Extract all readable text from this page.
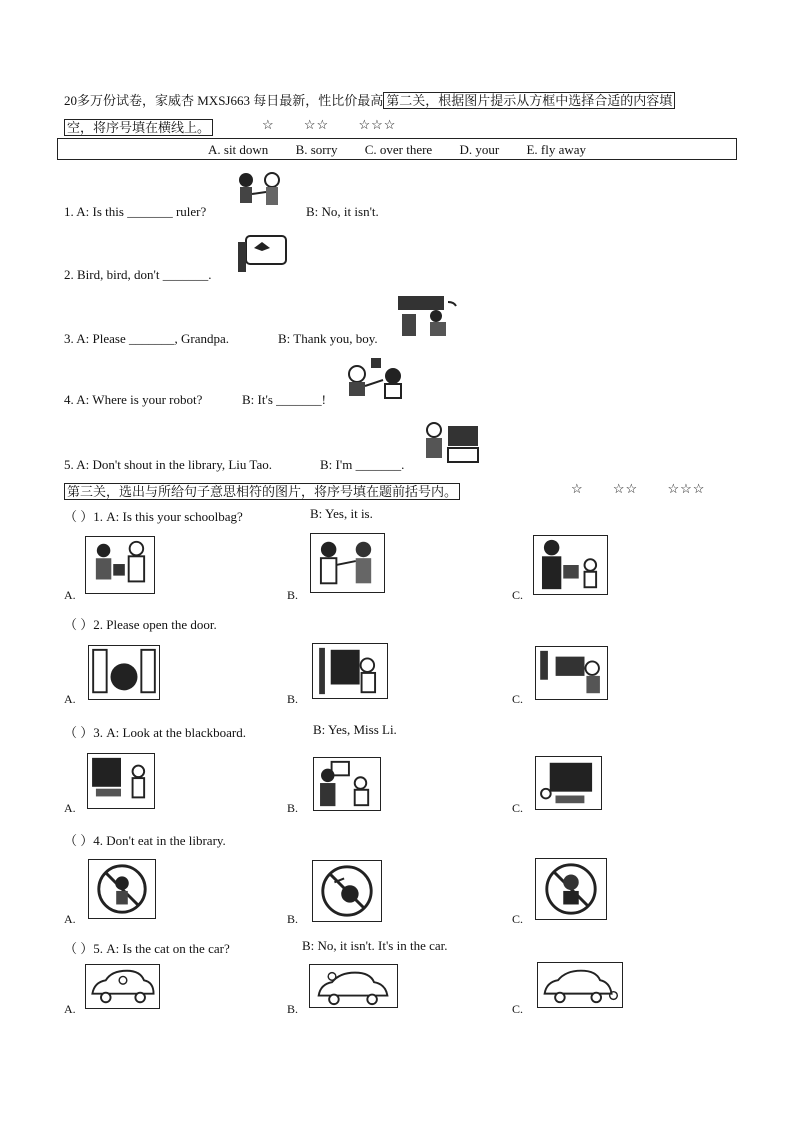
20多万份试卷，家威杏 MXSJ663 每日最新，性比价最高 第二关，根据图片提示从方框中选择合适的内容填
空，将序号填在横线上。	☆ ☆☆ ☆☆☆
A. sit down B. sorry C. over there D. your E. fly away
1. A: Is this _______ ruler?	B: No, it isn't.
2. Bird, bird, don't _______.
3. A: Please _______, Grandpa.	B: Thank you, boy.
4. A: Where is your robot?	B: It's _______!
5. A: Don't shout in the library, Liu Tao.	B: I'm _______.
第三关，选出与所给句子意思相符的图片，将序号填在题前括号内。	☆ ☆☆ ☆☆☆
（ ）1. A: Is this your schoolbag?	B: Yes, it is.
A.	B.	C.
（ ）2. Please open the door.
A.	B.	C.
（ ）3. A: Look at the blackboard.	B: Yes, Miss Li.
A.	B.	C.
（ ）4. Don't eat in the library.
A.	B.	C.
（ ）5. A: Is the cat on the car?	B: No, it isn't. It's in the car.
A.	B.	C.
